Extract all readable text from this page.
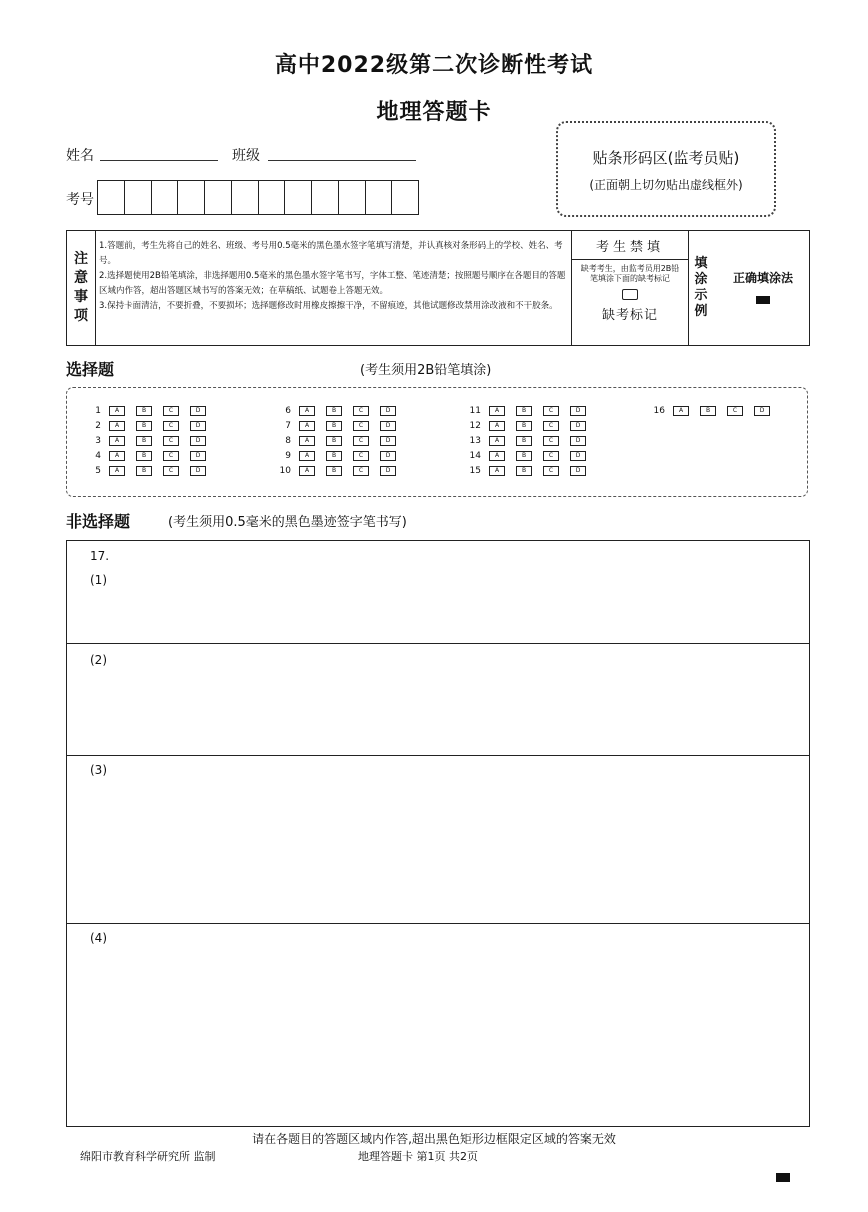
高中2022级第二次诊断性考试
地理答题卡
姓名	班级
考号
贴条形码区(监考员贴)
(正面朝上切勿贴出虚线框外)
注
意
事
项
1.答题前，考生先将自己的姓名、班级、考号用0.5毫米的黑色墨水签字笔填写清楚，并认真核对条形码上的学校、姓名、考号。
2.选择题使用2B铅笔填涂，非选择题用0.5毫米的黑色墨水签字笔书写，字体工整、笔迹清楚；按照题号顺序在各题目的答题区域内作答，超出答题区域书写的答案无效；在草稿纸、试题卷上答题无效。
3.保持卡面清洁，不要折叠，不要损坏；选择题修改时用橡皮擦擦干净，不留痕迹，其他试题修改禁用涂改液和不干胶条。
考生禁填
缺考考生，由监考员用2B铅笔填涂下面的缺考标记
缺考标记
填
涂
示
例
正确填涂法
选择题	(考生须用2B铅笔填涂)
1	A	B	C	D
2	A	B	C	D
3	A	B	C	D
4	A	B	C	D
5	A	B	C	D
6	A	B	C	D
7	A	B	C	D
8	A	B	C	D
9	A	B	C	D
10	A	B	C	D
11	A	B	C	D
12	A	B	C	D
13	A	B	C	D
14	A	B	C	D
15	A	B	C	D
16	A	B	C	D
非选择题	(考生须用0.5毫米的黑色墨迹签字笔书写)
17.
(1)
(2)
(3)
(4)
请在各题目的答题区域内作答,超出黑色矩形边框限定区域的答案无效
绵阳市教育科学研究所 监制	地理答题卡 第1页 共2页
